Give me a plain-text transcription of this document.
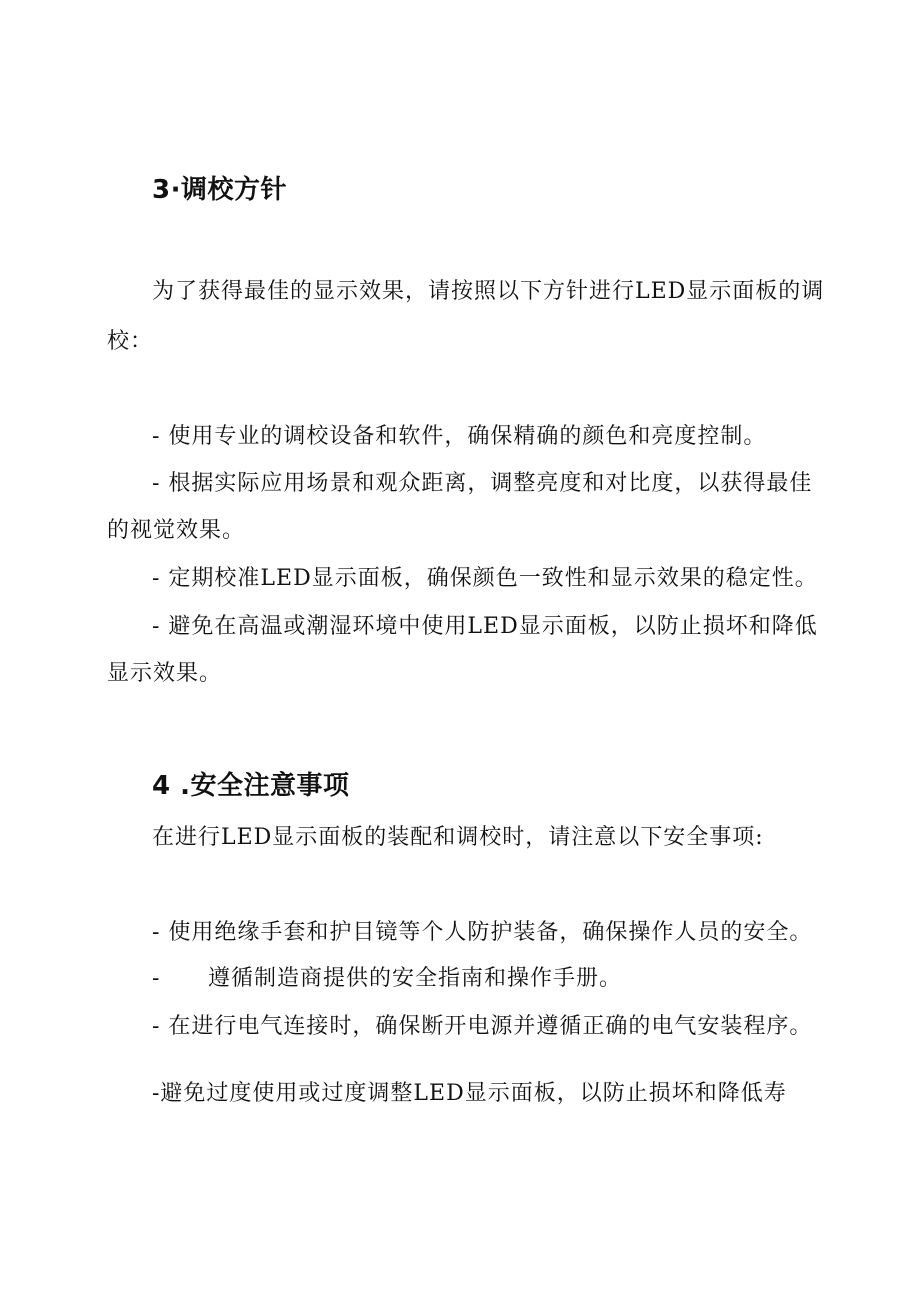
3·调校方针
为了获得最佳的显示效果，请按照以下方针进行LED显示面板的调
校：
- 使用专业的调校设备和软件，确保精确的颜色和亮度控制。
- 根据实际应用场景和观众距离，调整亮度和对比度，以获得最佳
的视觉效果。
- 定期校准LED显示面板，确保颜色一致性和显示效果的稳定性。
- 避免在高温或潮湿环境中使用LED显示面板，以防止损坏和降低
显示效果。
4 .安全注意事项
在进行LED显示面板的装配和调校时，请注意以下安全事项:
- 使用绝缘手套和护目镜等个人防护装备，确保操作人员的安全。
- 遵循制造商提供的安全指南和操作手册。
- 在进行电气连接时，确保断开电源并遵循正确的电气安装程序。
-避免过度使用或过度调整LED显示面板，以防止损坏和降低寿
